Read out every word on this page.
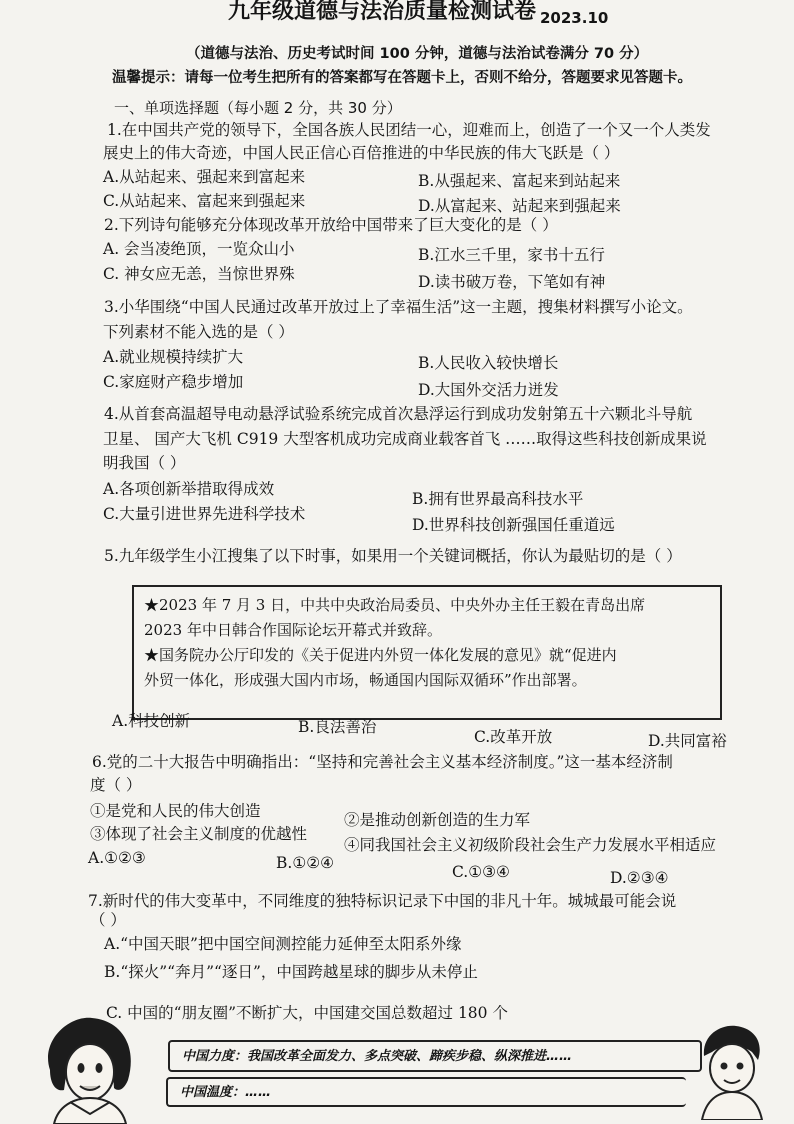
九年级道德与法治质量检测试卷 2023.10
（道德与法治、历史考试时间 100 分钟，道德与法治试卷满分 70 分）
温馨提示：请每一位考生把所有的答案都写在答题卡上，否则不给分，答题要求见答题卡。
一、单项选择题（每小题 2 分，共 30 分）
1.在中国共产党的领导下，全国各族人民团结一心，迎难而上，创造了一个又一个人类发
展史上的伟大奇迹，中国人民正信心百倍推进的中华民族的伟大飞跃是（ ）
A.从站起来、强起来到富起来	B.从强起来、富起来到站起来
C.从站起来、富起来到强起来	D.从富起来、站起来到强起来
2.下列诗句能够充分体现改革开放给中国带来了巨大变化的是（ ）
A. 会当凌绝顶，一览众山小	B.江水三千里，家书十五行
C. 神女应无恙，当惊世界殊	D.读书破万卷，下笔如有神
3.小华围绕“中国人民通过改革开放过上了幸福生活”这一主题，搜集材料撰写小论文。
下列素材不能入选的是（ ）
A.就业规模持续扩大	B.人民收入较快增长
C.家庭财产稳步增加	D.大国外交活力迸发
4.从首套高温超导电动悬浮试验系统完成首次悬浮运行到成功发射第五十六颗北斗导航
卫星、 国产大飞机 C919 大型客机成功完成商业载客首飞 ……取得这些科技创新成果说
明我国（ ）
A.各项创新举措取得成效
B.拥有世界最高科技水平
C.大量引进世界先进科学技术
D.世界科技创新强国任重道远
5.九年级学生小江搜集了以下时事，如果用一个关键词概括，你认为最贴切的是（ ）
★2023 年 7 月 3 日，中共中央政治局委员、中央外办主任王毅在青岛出席
2023 年中日韩合作国际论坛开幕式并致辞。
★国务院办公厅印发的《关于促进内外贸一体化发展的意见》就“促进内
外贸一体化，形成强大国内市场，畅通国内国际双循环”作出部署。
A.科技创新	B.良法善治
C.改革开放	D.共同富裕
6.党的二十大报告中明确指出：“坚持和完善社会主义基本经济制度。”这一基本经济制
度（ ）
①是党和人民的伟大创造	②是推动创新创造的生力军
③体现了社会主义制度的优越性
④同我国社会主义初级阶段社会生产力发展水平相适应
A.①②③	B.①②④	C.①③④	D.②③④
7.新时代的伟大变革中，不同维度的独特标识记录下中国的非凡十年。城城最可能会说
（ ）
A.“中国天眼”把中国空间测控能力延伸至太阳系外缘
B.“探火”“奔月”“逐日”，中国跨越星球的脚步从未停止
C. 中国的“朋友圈”不断扩大，中国建交国总数超过 180 个
中国力度：我国改革全面发力、多点突破、蹄疾步稳、纵深推进……
中国温度：……
